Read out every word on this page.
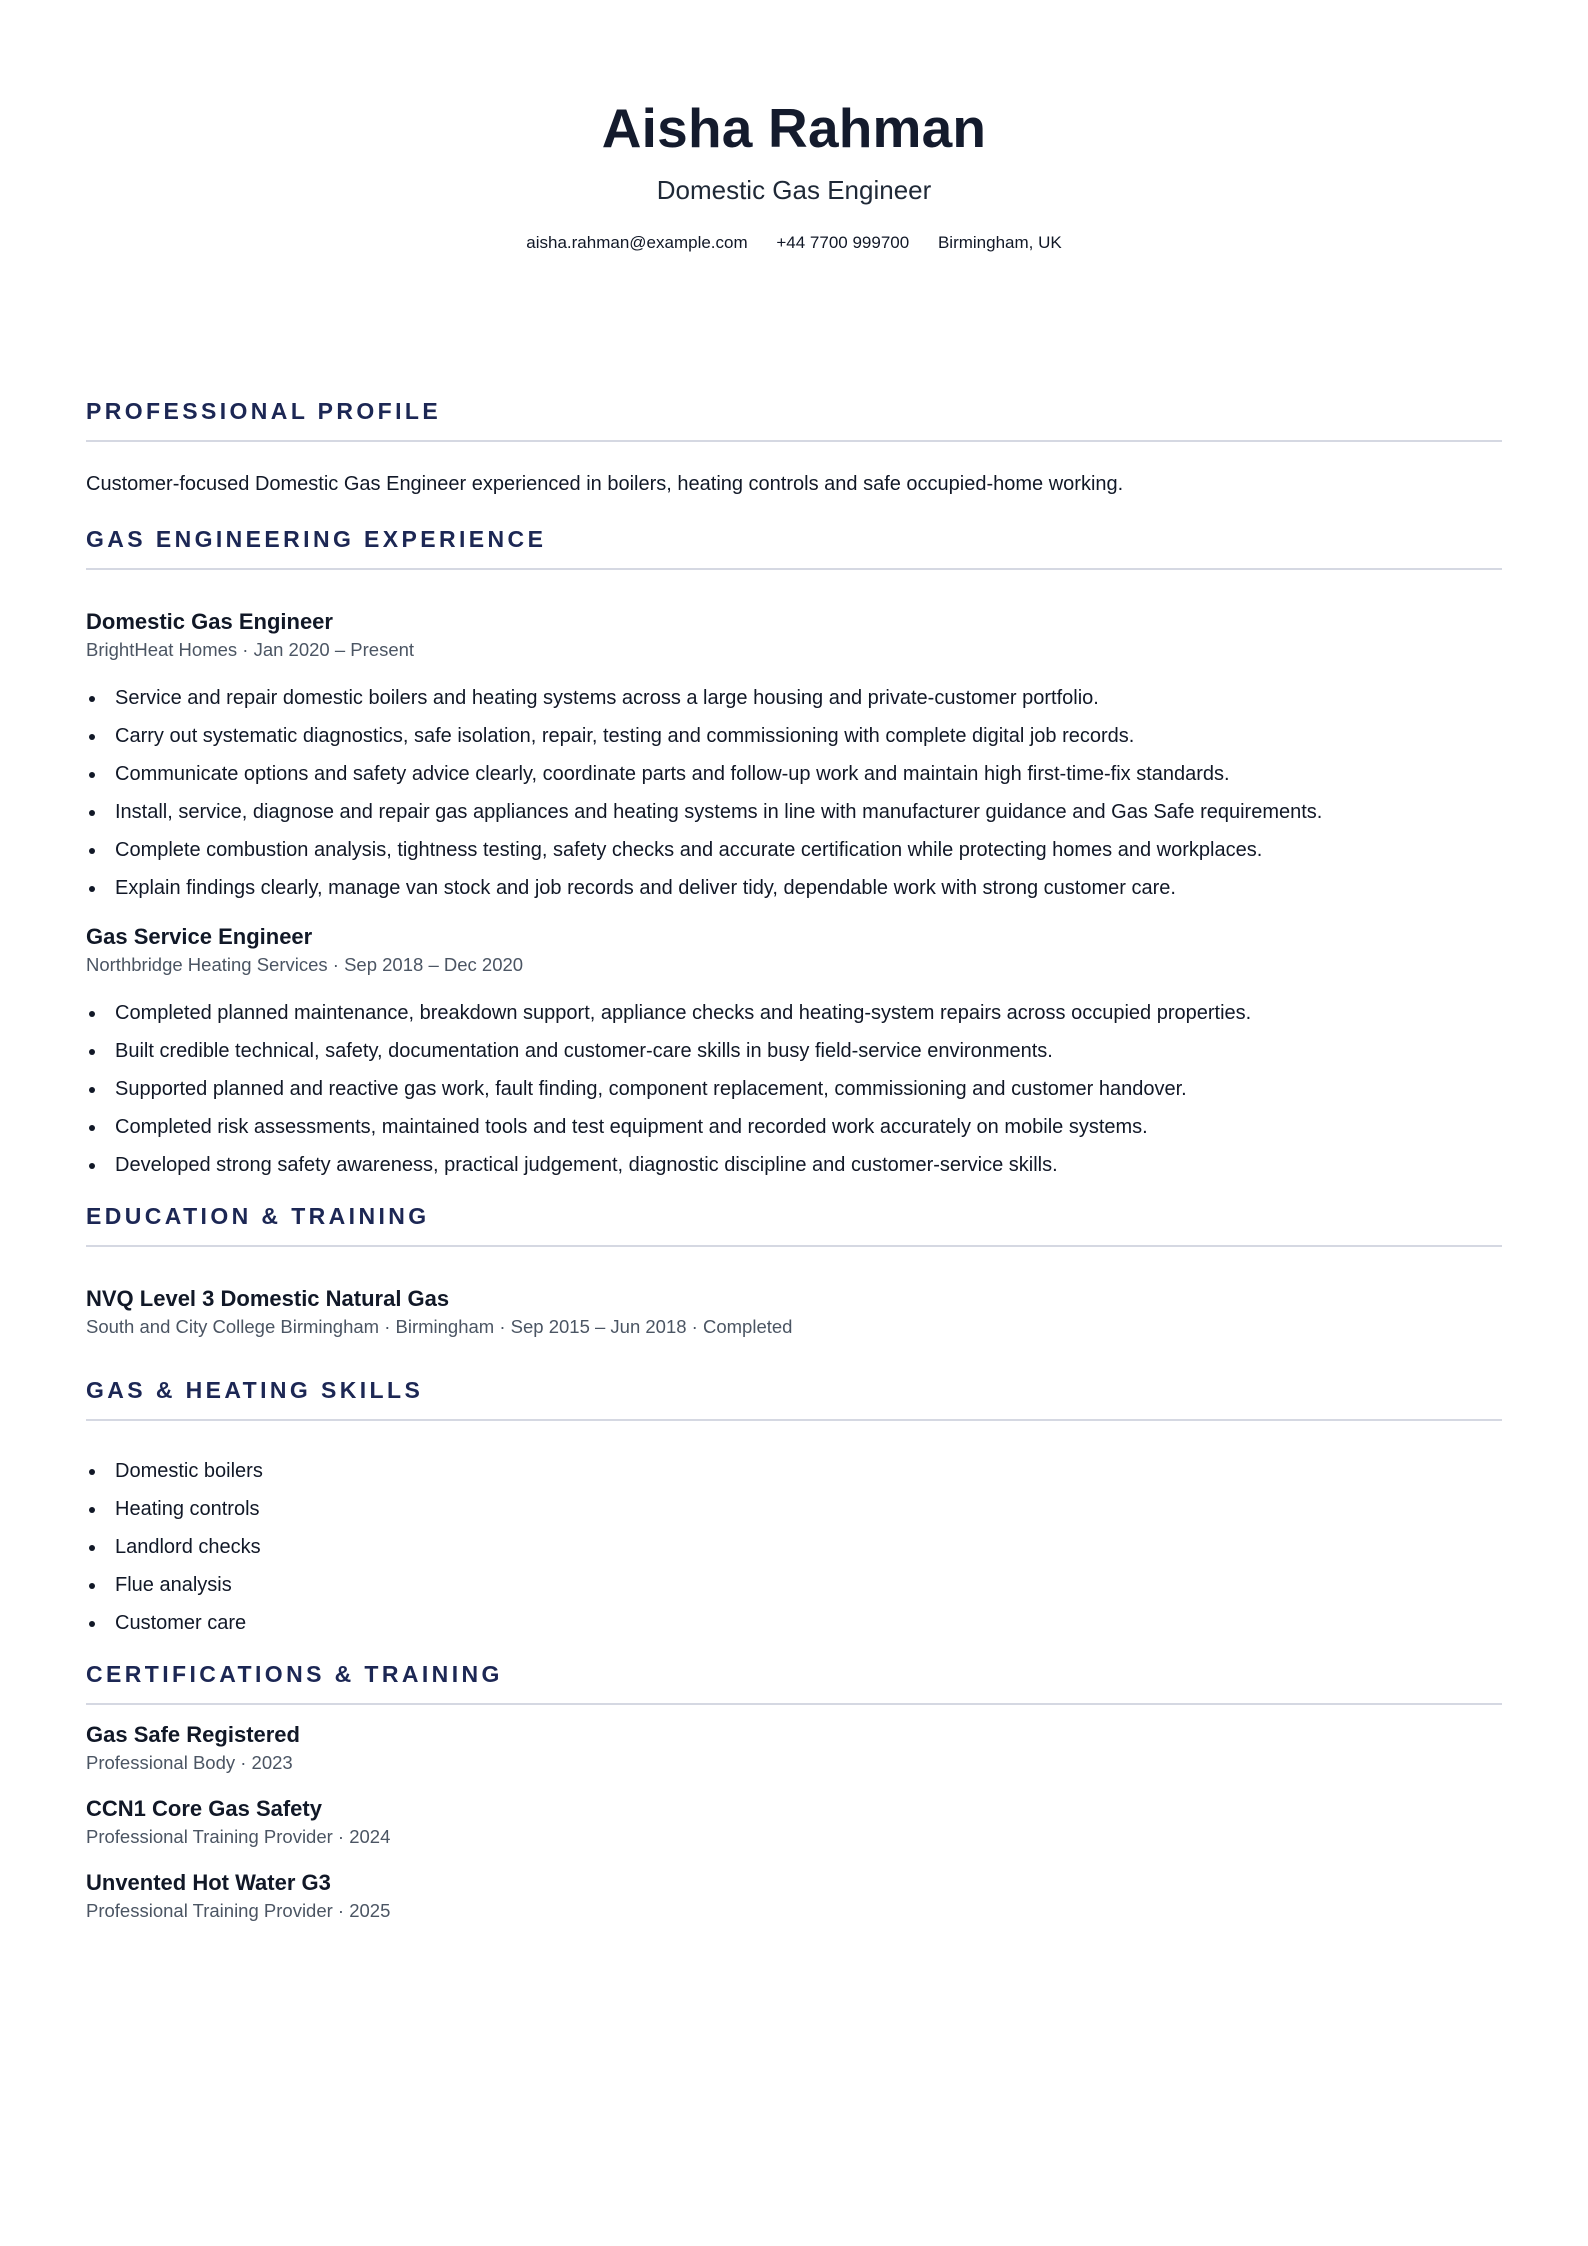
Aisha Rahman
Domestic Gas Engineer
aisha.rahman@example.com +44 7700 999700 Birmingham, UK
PROFESSIONAL PROFILE
Customer-focused Domestic Gas Engineer experienced in boilers, heating controls and safe occupied-home working.
GAS ENGINEERING EXPERIENCE
Domestic Gas Engineer
BrightHeat Homes · Jan 2020 – Present
Service and repair domestic boilers and heating systems across a large housing and private-customer portfolio.
Carry out systematic diagnostics, safe isolation, repair, testing and commissioning with complete digital job records.
Communicate options and safety advice clearly, coordinate parts and follow-up work and maintain high first-time-fix standards.
Install, service, diagnose and repair gas appliances and heating systems in line with manufacturer guidance and Gas Safe requirements.
Complete combustion analysis, tightness testing, safety checks and accurate certification while protecting homes and workplaces.
Explain findings clearly, manage van stock and job records and deliver tidy, dependable work with strong customer care.
Gas Service Engineer
Northbridge Heating Services · Sep 2018 – Dec 2020
Completed planned maintenance, breakdown support, appliance checks and heating-system repairs across occupied properties.
Built credible technical, safety, documentation and customer-care skills in busy field-service environments.
Supported planned and reactive gas work, fault finding, component replacement, commissioning and customer handover.
Completed risk assessments, maintained tools and test equipment and recorded work accurately on mobile systems.
Developed strong safety awareness, practical judgement, diagnostic discipline and customer-service skills.
EDUCATION & TRAINING
NVQ Level 3 Domestic Natural Gas
South and City College Birmingham · Birmingham · Sep 2015 – Jun 2018 · Completed
GAS & HEATING SKILLS
Domestic boilers
Heating controls
Landlord checks
Flue analysis
Customer care
CERTIFICATIONS & TRAINING
Gas Safe Registered
Professional Body · 2023
CCN1 Core Gas Safety
Professional Training Provider · 2024
Unvented Hot Water G3
Professional Training Provider · 2025
